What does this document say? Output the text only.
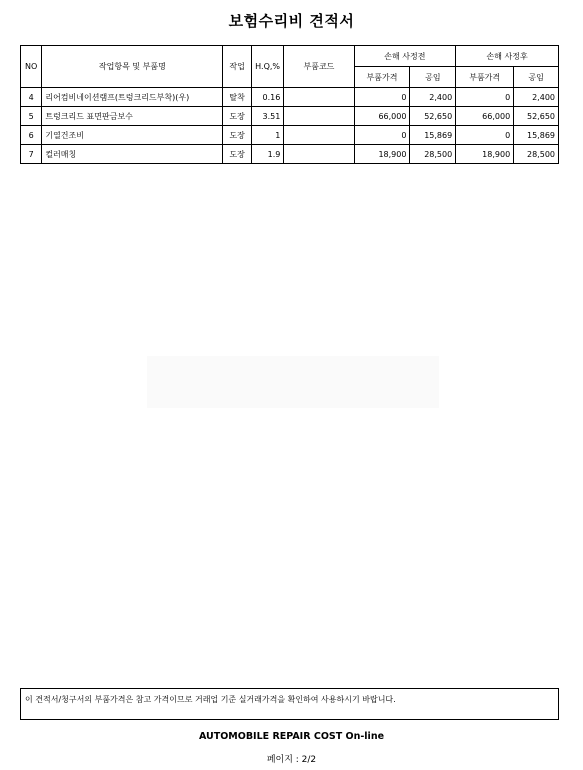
보험수리비 견적서
NO	작업항목 및 부품명	작업	H.Q,%	부품코드	손해 사정전		손해 사정후	
					부품가격	공임	부품가격	공임
4	리어컴비네이션램프(트렁크리드부착)(우)	탈착	0.16		0	2,400	0	2,400
5	트렁크리드 표면판금보수	도장	3.51		66,000	52,650	66,000	52,650
6	기열건조비	도장	1		0	15,869	0	15,869
7	컬러매칭	도장	1.9		18,900	28,500	18,900	28,500
이 견적서/청구서의 부품가격은 참고 가격이므로 거래업 기준 실거래가격을 확인하여 사용하시기 바랍니다.
AUTOMOBILE REPAIR COST On-line
페이지 : 2/2
